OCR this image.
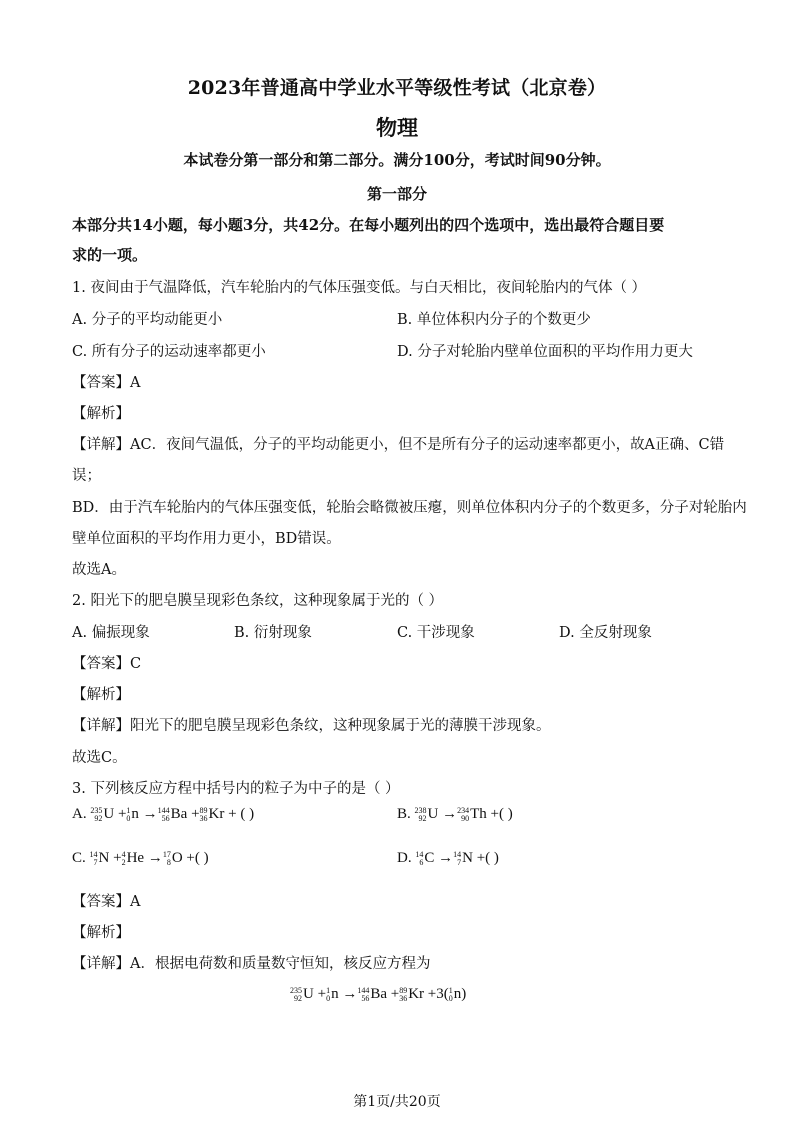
2023年普通高中学业水平等级性考试（北京卷）
物理
本试卷分第一部分和第二部分。满分100分，考试时间90分钟。
第一部分
本部分共14小题，每小题3分，共42分。在每小题列出的四个选项中，选出最符合题目要
求的一项。
1. 夜间由于气温降低，汽车轮胎内的气体压强变低。与白天相比，夜间轮胎内的气体（ ）
A. 分子的平均动能更小	B. 单位体积内分子的个数更少
C. 所有分子的运动速率都更小	D. 分子对轮胎内壁单位面积的平均作用力更大
【答案】A
【解析】
【详解】AC．夜间气温低，分子的平均动能更小，但不是所有分子的运动速率都更小，故A正确、C错
误；
BD．由于汽车轮胎内的气体压强变低，轮胎会略微被压瘪，则单位体积内分子的个数更多，分子对轮胎内
壁单位面积的平均作用力更小，BD错误。
故选A。
2. 阳光下的肥皂膜呈现彩色条纹，这种现象属于光的（ ）
A. 偏振现象	B. 衍射现象	C. 干涉现象	D. 全反射现象
【答案】C
【解析】
【详解】阳光下的肥皂膜呈现彩色条纹，这种现象属于光的薄膜干涉现象。
故选C。
3. 下列核反应方程中括号内的粒子为中子的是（ ）
A. 235
92 U + 1
0 n → 144
56 Ba + 89
36 Kr + ( )	B. 238
92 U → 234
90 Th +( )
C. 14
7 N + 4
2 He → 17
8 O +( )	D. 14
6 C → 14
7 N +( )
【答案】A
【解析】
【详解】A．根据电荷数和质量数守恒知，核反应方程为
235
92 U + 1
0 n → 144
56 Ba + 89
36 Kr +3( 1
0 n)
第1页/共20页
